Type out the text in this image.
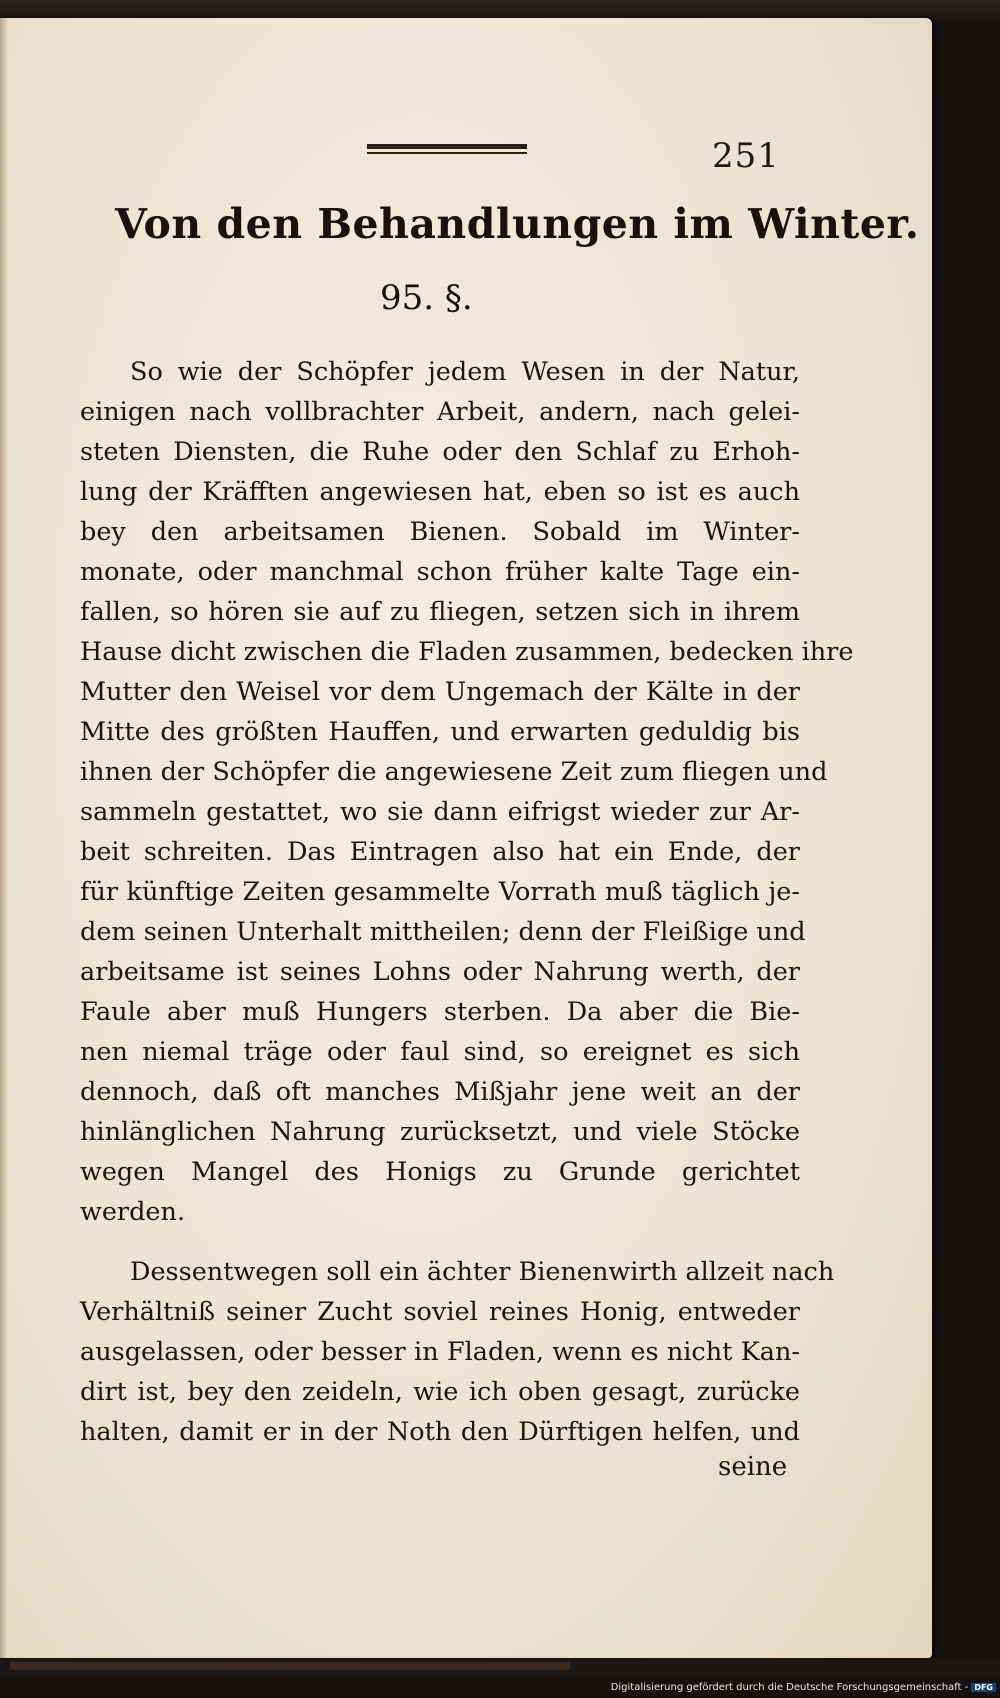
251
Von den Behandlungen im Winter.
95. §.
So wie der Schöpfer jedem Wesen in der Natur,
einigen nach vollbrachter Arbeit, andern, nach gelei-
steten Diensten, die Ruhe oder den Schlaf zu Erhoh-
lung der Kräfften angewiesen hat, eben so ist es auch
bey den arbeitsamen Bienen. Sobald im Winter-
monate, oder manchmal schon früher kalte Tage ein-
fallen, so hören sie auf zu fliegen, setzen sich in ihrem
Hause dicht zwischen die Fladen zusammen, bedecken ihre
Mutter den Weisel vor dem Ungemach der Kälte in der
Mitte des größten Hauffen, und erwarten geduldig bis
ihnen der Schöpfer die angewiesene Zeit zum fliegen und
sammeln gestattet, wo sie dann eifrigst wieder zur Ar-
beit schreiten. Das Eintragen also hat ein Ende, der
für künftige Zeiten gesammelte Vorrath muß täglich je-
dem seinen Unterhalt mittheilen; denn der Fleißige und
arbeitsame ist seines Lohns oder Nahrung werth, der
Faule aber muß Hungers sterben. Da aber die Bie-
nen niemal träge oder faul sind, so ereignet es sich
dennoch, daß oft manches Mißjahr jene weit an der
hinlänglichen Nahrung zurücksetzt, und viele Stöcke
wegen Mangel des Honigs zu Grunde gerichtet
werden.
Dessentwegen soll ein ächter Bienenwirth allzeit nach
Verhältniß seiner Zucht soviel reines Honig, entweder
ausgelassen, oder besser in Fladen, wenn es nicht Kan-
dirt ist, bey den zeideln, wie ich oben gesagt, zurücke
halten, damit er in der Noth den Dürftigen helfen, und
seine
Digitalisierung gefördert durch die Deutsche Forschungsgemeinschaft - DFG
